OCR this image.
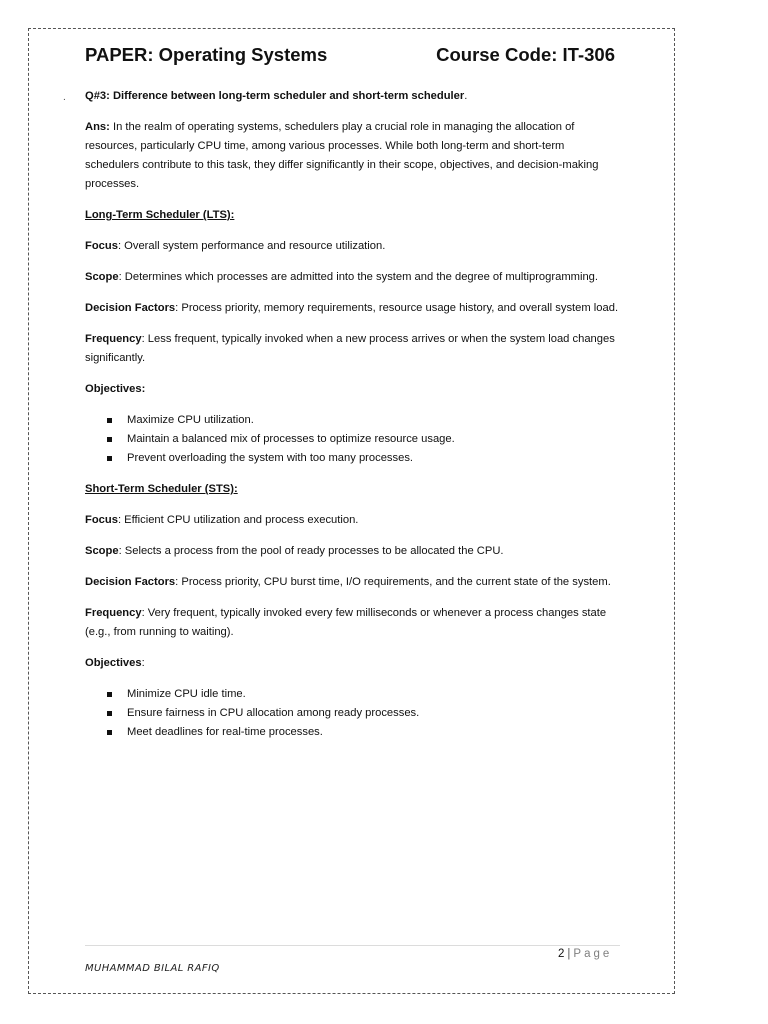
.
PAPER: Operating Systems	Course Code: IT-306

Q#3: Difference between long-term scheduler and short-term scheduler.

Ans: In the realm of operating systems, schedulers play a crucial role in managing the allocation of resources, particularly CPU time, among various processes. While both long-term and short-term schedulers contribute to this task, they differ significantly in their scope, objectives, and decision-making processes.

Long-Term Scheduler (LTS):

Focus: Overall system performance and resource utilization.

Scope: Determines which processes are admitted into the system and the degree of multiprogramming.

Decision Factors: Process priority, memory requirements, resource usage history, and overall system load.

Frequency: Less frequent, typically invoked when a new process arrives or when the system load changes significantly.

Objectives:

Maximize CPU utilization.
Maintain a balanced mix of processes to optimize resource usage.
Prevent overloading the system with too many processes.

Short-Term Scheduler (STS):

Focus: Efficient CPU utilization and process execution.

Scope: Selects a process from the pool of ready processes to be allocated the CPU.

Decision Factors: Process priority, CPU burst time, I/O requirements, and the current state of the system.

Frequency: Very frequent, typically invoked every few milliseconds or whenever a process changes state (e.g., from running to waiting).

Objectives:

Minimize CPU idle time.
Ensure fairness in CPU allocation among ready processes.
Meet deadlines for real-time processes.
2 | Page
MUHAMMAD BILAL RAFIQ
